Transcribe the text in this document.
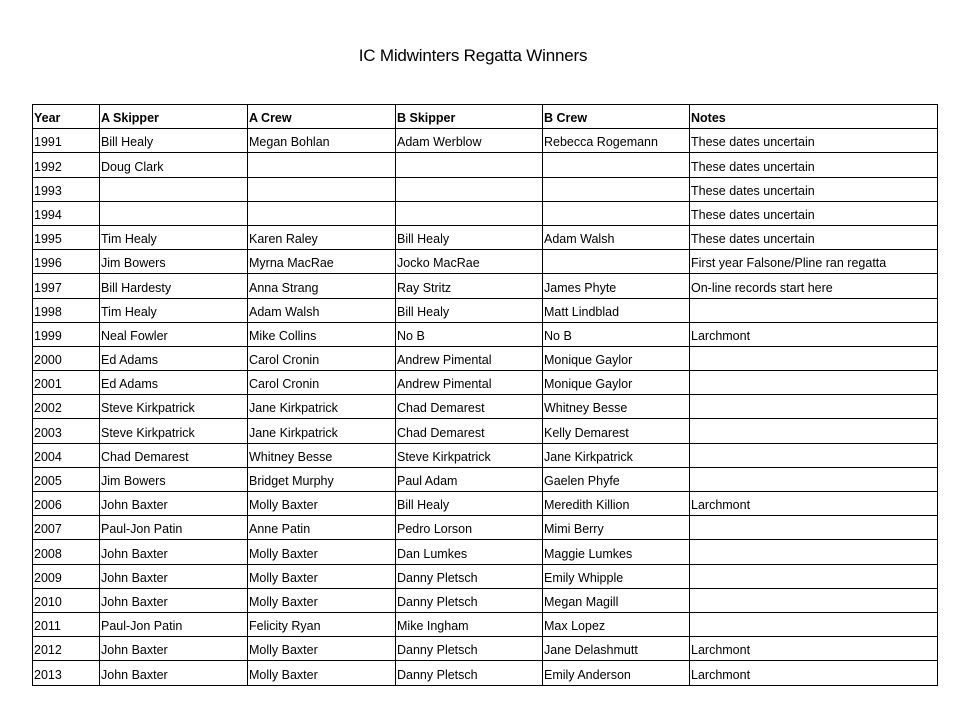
IC Midwinters Regatta Winners
Year	A Skipper	A Crew	B Skipper	B Crew	Notes
1991	Bill Healy	Megan Bohlan	Adam Werblow	Rebecca Rogemann	These dates uncertain
1992	Doug Clark				These dates uncertain
1993					These dates uncertain
1994					These dates uncertain
1995	Tim Healy	Karen Raley	Bill Healy	Adam Walsh	These dates uncertain
1996	Jim Bowers	Myrna MacRae	Jocko MacRae		First year Falsone/Pline ran regatta
1997	Bill Hardesty	Anna Strang	Ray Stritz	James Phyte	On-line records start here
1998	Tim Healy	Adam Walsh	Bill Healy	Matt Lindblad	
1999	Neal Fowler	Mike Collins	No B	No B	Larchmont
2000	Ed Adams	Carol Cronin	Andrew Pimental	Monique Gaylor	
2001	Ed Adams	Carol Cronin	Andrew Pimental	Monique Gaylor	
2002	Steve Kirkpatrick	Jane Kirkpatrick	Chad Demarest	Whitney Besse	
2003	Steve Kirkpatrick	Jane Kirkpatrick	Chad Demarest	Kelly Demarest	
2004	Chad Demarest	Whitney Besse	Steve Kirkpatrick	Jane Kirkpatrick	
2005	Jim Bowers	Bridget Murphy	Paul Adam	Gaelen Phyfe	
2006	John Baxter	Molly Baxter	Bill Healy	Meredith Killion	Larchmont
2007	Paul-Jon Patin	Anne Patin	Pedro Lorson	Mimi Berry	
2008	John Baxter	Molly Baxter	Dan Lumkes	Maggie Lumkes	
2009	John Baxter	Molly Baxter	Danny Pletsch	Emily Whipple	
2010	John Baxter	Molly Baxter	Danny Pletsch	Megan Magill	
2011	Paul-Jon Patin	Felicity Ryan	Mike Ingham	Max Lopez	
2012	John Baxter	Molly Baxter	Danny Pletsch	Jane Delashmutt	Larchmont
2013	John Baxter	Molly Baxter	Danny Pletsch	Emily Anderson	Larchmont
